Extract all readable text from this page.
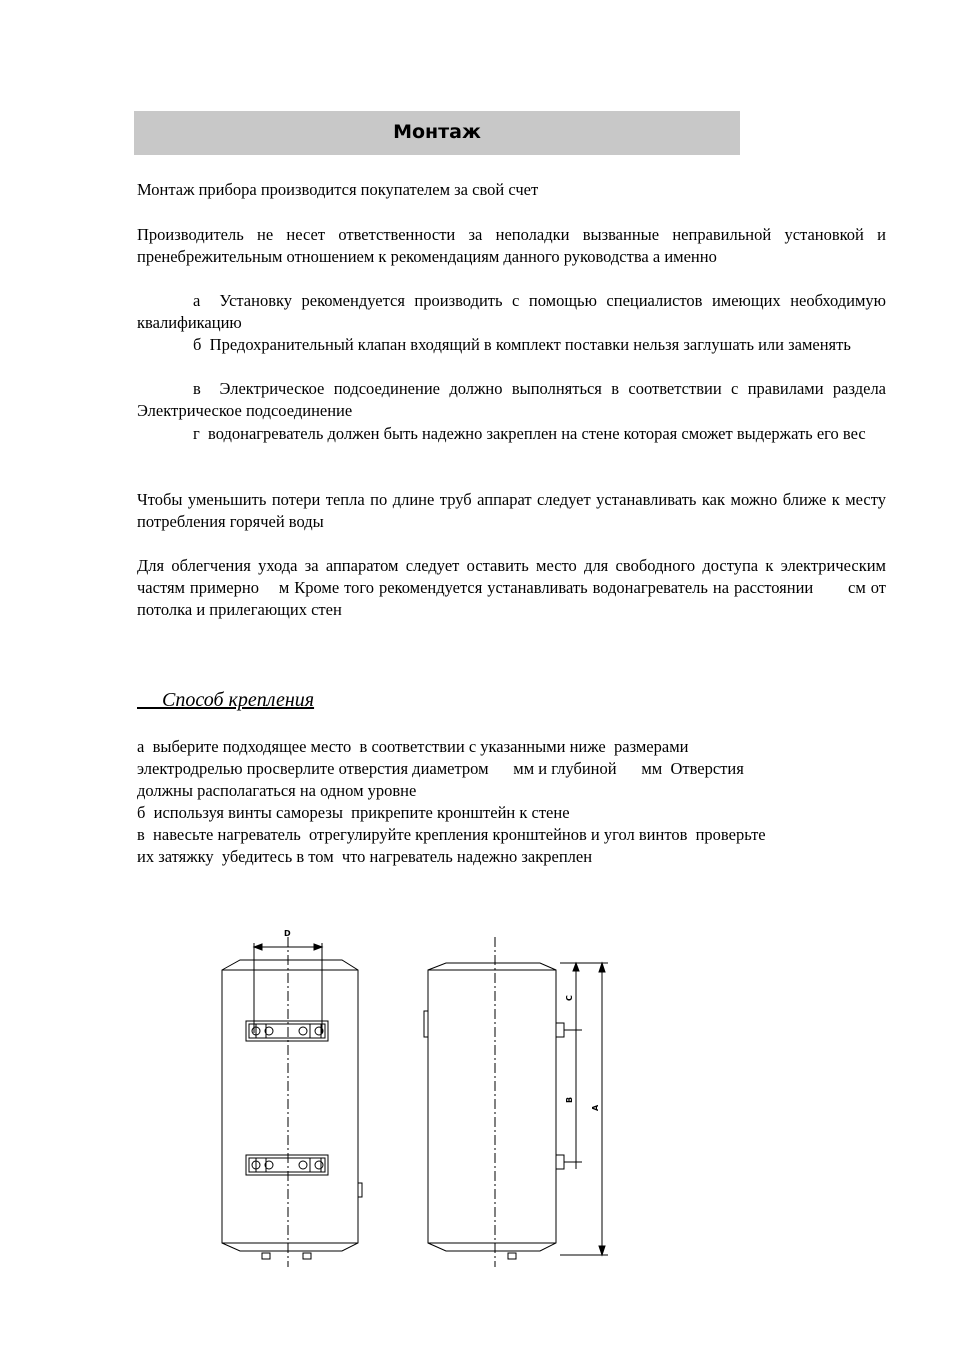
Монтаж

Монтаж прибора производится покупателем за свой счет

Производитель не несет ответственности за неполадки вызванные неправильной установкой и пренебрежительным отношением к рекомендациям данного руководства а именно

а Установку рекомендуется производить с помощью специалистов имеющих необходимую квалификацию

б Предохранительный клапан входящий в комплект поставки нельзя заглушать или заменять

в Электрическое подсоединение должно выполняться в соответствии с правилами раздела        Электрическое подсоединение

г водонагреватель должен быть надежно закреплен на стене которая сможет выдержать его вес

Чтобы уменьшить потери тепла по длине труб аппарат следует устанавливать как можно ближе к месту потребления горячей воды

Для облегчения ухода за аппаратом следует оставить место для свободного доступа к электрическим частям примерно    м Кроме того рекомендуется устанавливать водонагреватель на расстоянии       см от потолка и прилегающих стен

Способ крепления
а  выберите подходящее место  в соответствии с указанными ниже  размерами
электродрелью просверлите отверстия диаметром      мм и глубиной      мм  Отверстия
должны располагаться на одном уровне
б  используя винты саморезы  прикрепите кронштейн к стене
в  навесьте нагреватель  отрегулируйте крепления кронштейнов и угол винтов  проверьте
их затяжку  убедитесь в том  что нагреватель надежно закреплен
D
C
B
A
